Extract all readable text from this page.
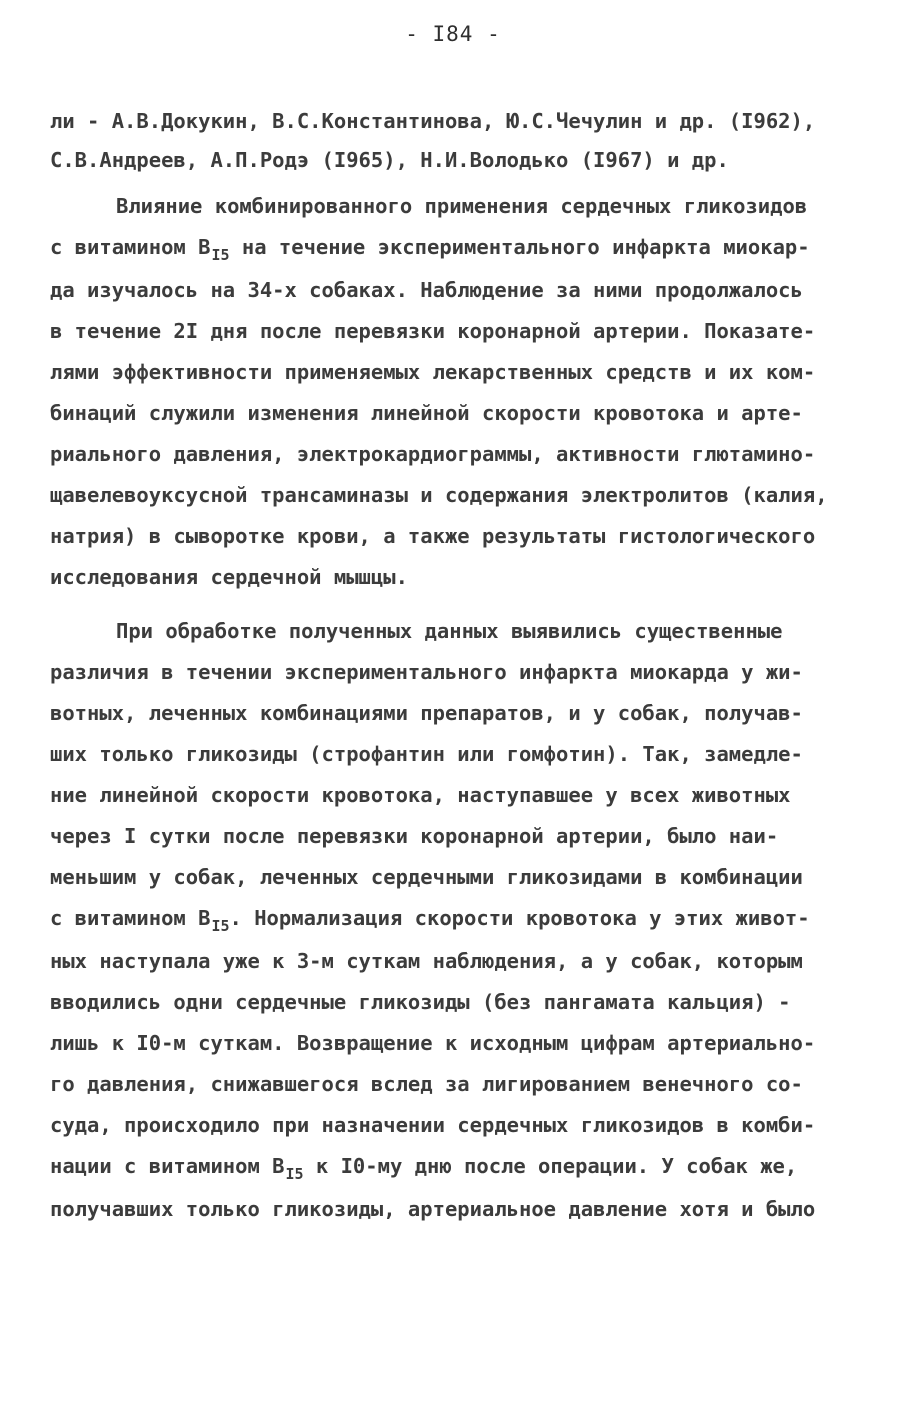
- I84 -
ли - А.В.Докукин, В.С.Константинова, Ю.С.Чечулин и др. (I962),
С.В.Андреев, А.П.Родэ (I965), Н.И.Володько (I967) и др.
Влияние комбинированного применения сердечных гликозидов
с витамином $В_{I5}$ на течение экспериментального инфаркта миокар-
да изучалось на 34-х собаках. Наблюдение за ними продолжалось
в течение 2I дня после перевязки коронарной артерии. Показате-
лями эффективности применяемых лекарственных средств и их ком-
бинаций служили изменения линейной скорости кровотока и арте-
риального давления, электрокардиограммы, активности глютамино-
щавелевоуксусной трансаминазы и содержания электролитов (калия,
натрия) в сыворотке крови, а также результаты гистологического
исследования сердечной мышцы.
При обработке полученных данных выявились существенные
различия в течении экспериментального инфаркта миокарда у жи-
вотных, леченных комбинациями препаратов, и у собак, получав-
ших только гликозиды (строфантин или гомфотин). Так, замедле-
ние линейной скорости кровотока, наступавшее у всех животных
через I сутки после перевязки коронарной артерии, было наи-
меньшим у собак, леченных сердечными гликозидами в комбинации
с витамином $В_{I5}$. Нормализация скорости кровотока у этих живот-
ных наступала уже к 3-м суткам наблюдения, а у собак, которым
вводились одни сердечные гликозиды (без пангамата кальция) -
лишь к I0-м суткам. Возвращение к исходным цифрам артериально-
го давления, снижавшегося вслед за лигированием венечного со-
суда, происходило при назначении сердечных гликозидов в комби-
нации с витамином $В_{I5}$ к I0-му дню после операции. У собак же,
получавших только гликозиды, артериальное давление хотя и было
